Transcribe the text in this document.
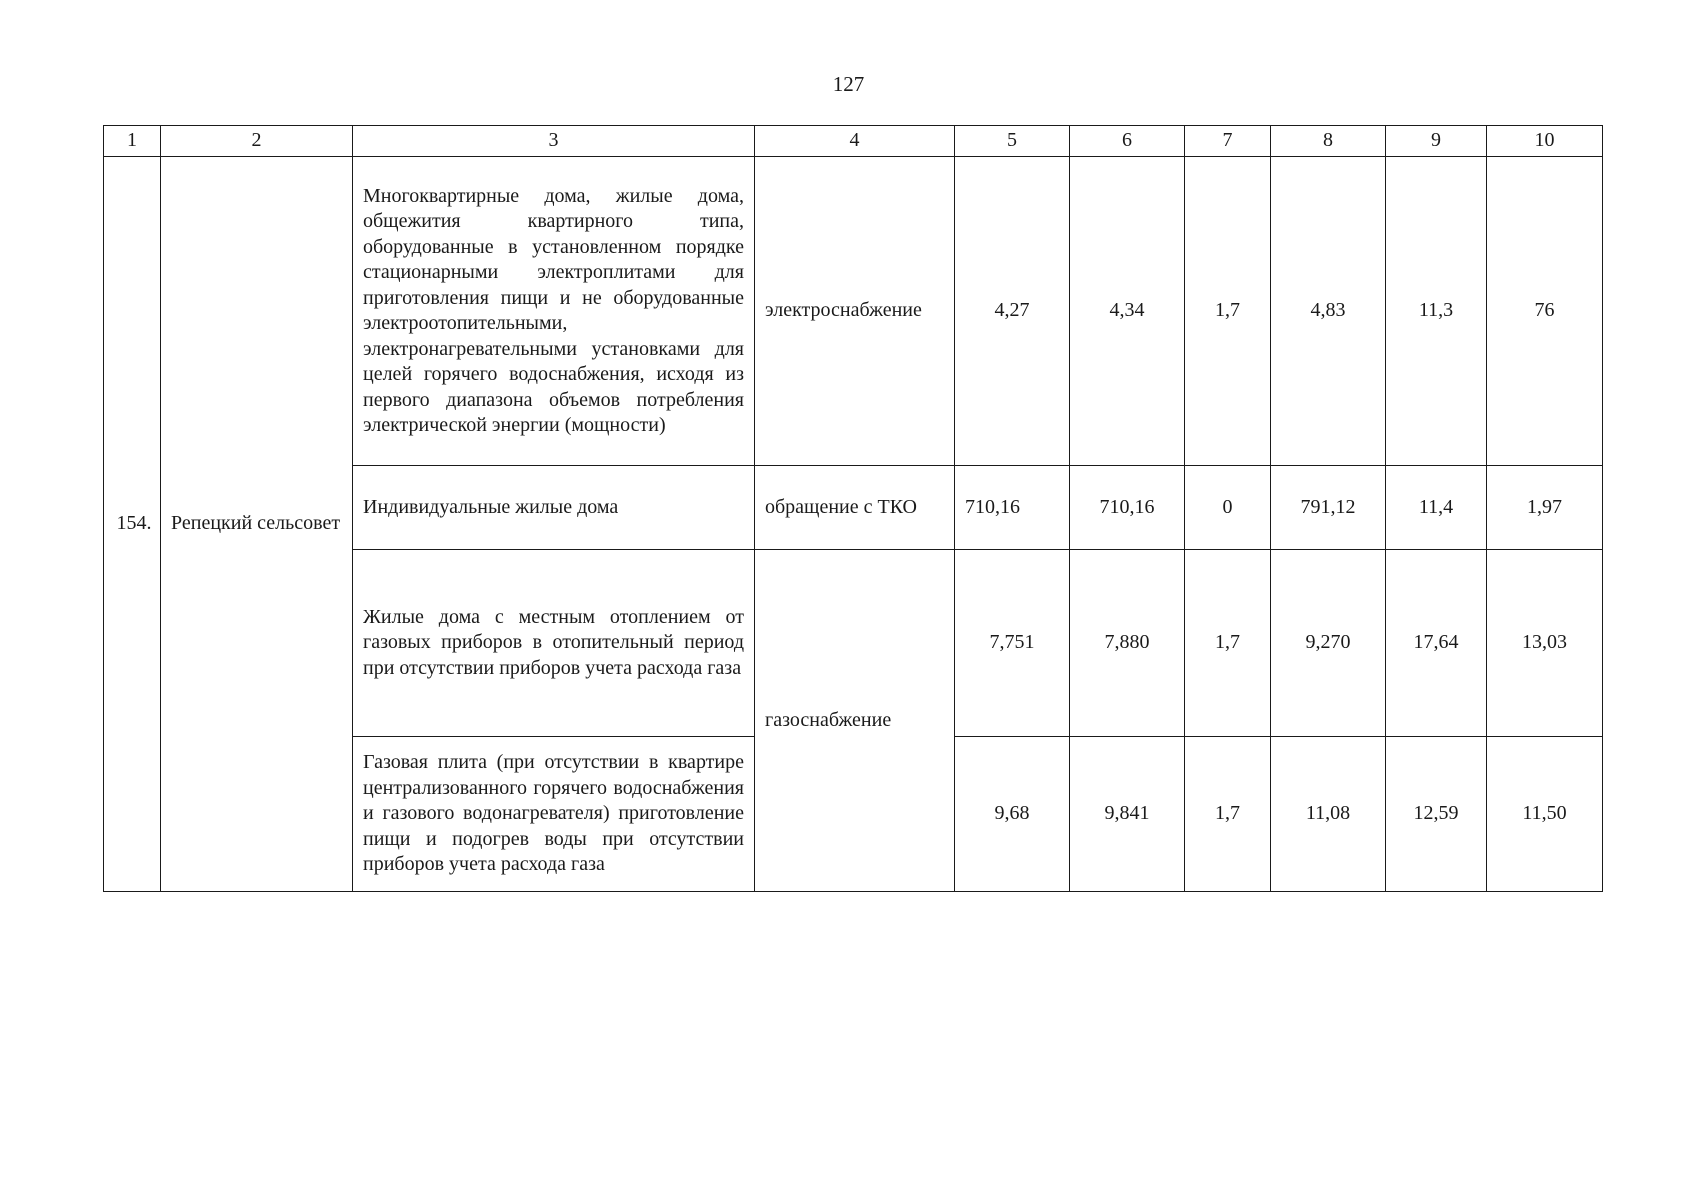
127
1	2	3	4	5	6	7	8	9	10
154.	Репецкий сельсовет	Многоквартирные дома, жилые дома, общежития квартирного типа, оборудованные в установленном порядке стационарными электроплитами для приготовления пищи и не оборудованные электроотопительными, электронагревательными установками для целей горячего водоснабжения, исходя из первого диапазона объемов потребления электрической энергии (мощности)	электроснабжение	4,27	4,34	1,7	4,83	11,3	76
		Индивидуальные жилые дома	обращение с ТКО	710,16	710,16	0	791,12	11,4	1,97
		Жилые дома с местным отоплением от газовых приборов в отопительный период при отсутствии приборов учета расхода газа	газоснабжение	7,751	7,880	1,7	9,270	17,64	13,03
		Газовая плита (при отсутствии в квартире централизованного горячего водоснабжения и газового водонагревателя) приготовление пищи и подогрев воды при отсутствии приборов учета расхода газа		9,68	9,841	1,7	11,08	12,59	11,50
